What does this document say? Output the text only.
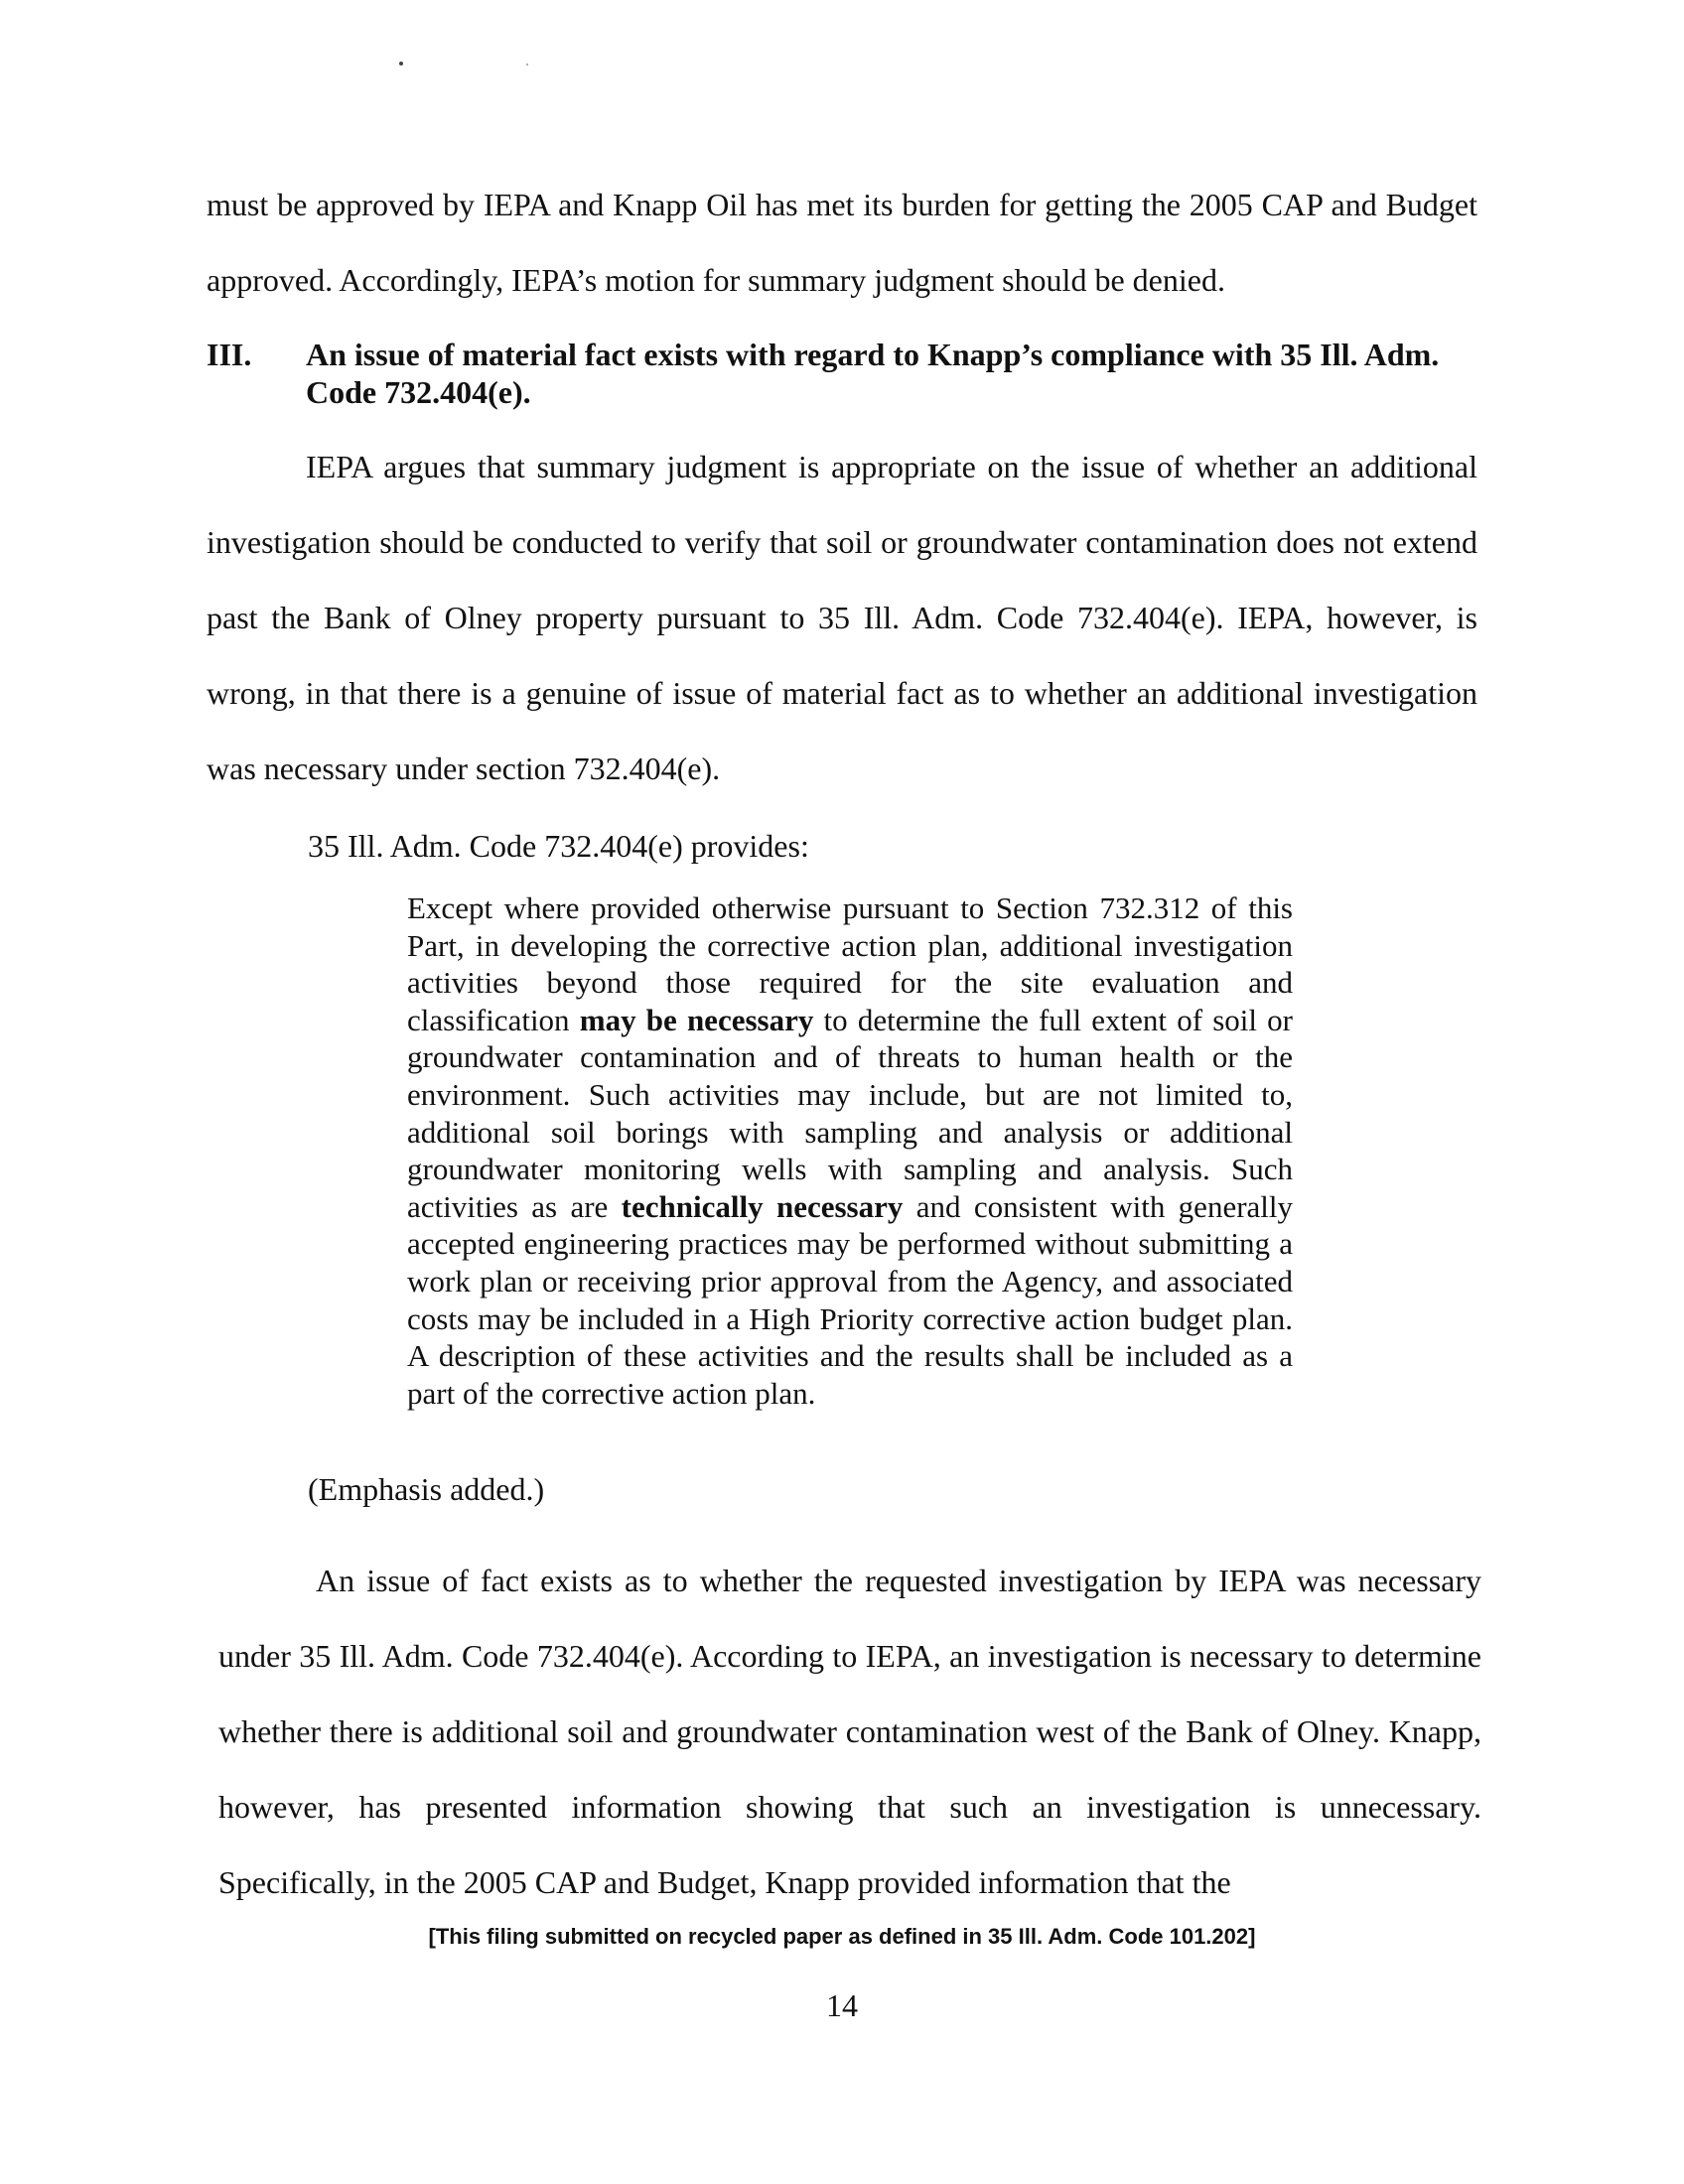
must be approved by IEPA and Knapp Oil has met its burden for getting the 2005 CAP and Budget approved. Accordingly, IEPA’s motion for summary judgment should be denied.
III.	An issue of material fact exists with regard to Knapp’s compliance with 35 Ill. Adm. Code 732.404(e).
IEPA argues that summary judgment is appropriate on the issue of whether an additional investigation should be conducted to verify that soil or groundwater contamination does not extend past the Bank of Olney property pursuant to 35 Ill. Adm. Code 732.404(e). IEPA, however, is wrong, in that there is a genuine of issue of material fact as to whether an additional investigation was necessary under section 732.404(e).
35 Ill. Adm. Code 732.404(e) provides:
Except where provided otherwise pursuant to Section 732.312 of this Part, in developing the corrective action plan, additional investigation activities beyond those required for the site evaluation and classification may be necessary to determine the full extent of soil or groundwater contamination and of threats to human health or the environment. Such activities may include, but are not limited to, additional soil borings with sampling and analysis or additional groundwater monitoring wells with sampling and analysis. Such activities as are technically necessary and consistent with generally accepted engineering practices may be performed without submitting a work plan or receiving prior approval from the Agency, and associated costs may be included in a High Priority corrective action budget plan. A description of these activities and the results shall be included as a part of the corrective action plan.
(Emphasis added.)
An issue of fact exists as to whether the requested investigation by IEPA was necessary under 35 Ill. Adm. Code 732.404(e). According to IEPA, an investigation is necessary to determine whether there is additional soil and groundwater contamination west of the Bank of Olney. Knapp, however, has presented information showing that such an investigation is unnecessary. Specifically, in the 2005 CAP and Budget, Knapp provided information that the
[This filing submitted on recycled paper as defined in 35 Ill. Adm. Code 101.202]
14
